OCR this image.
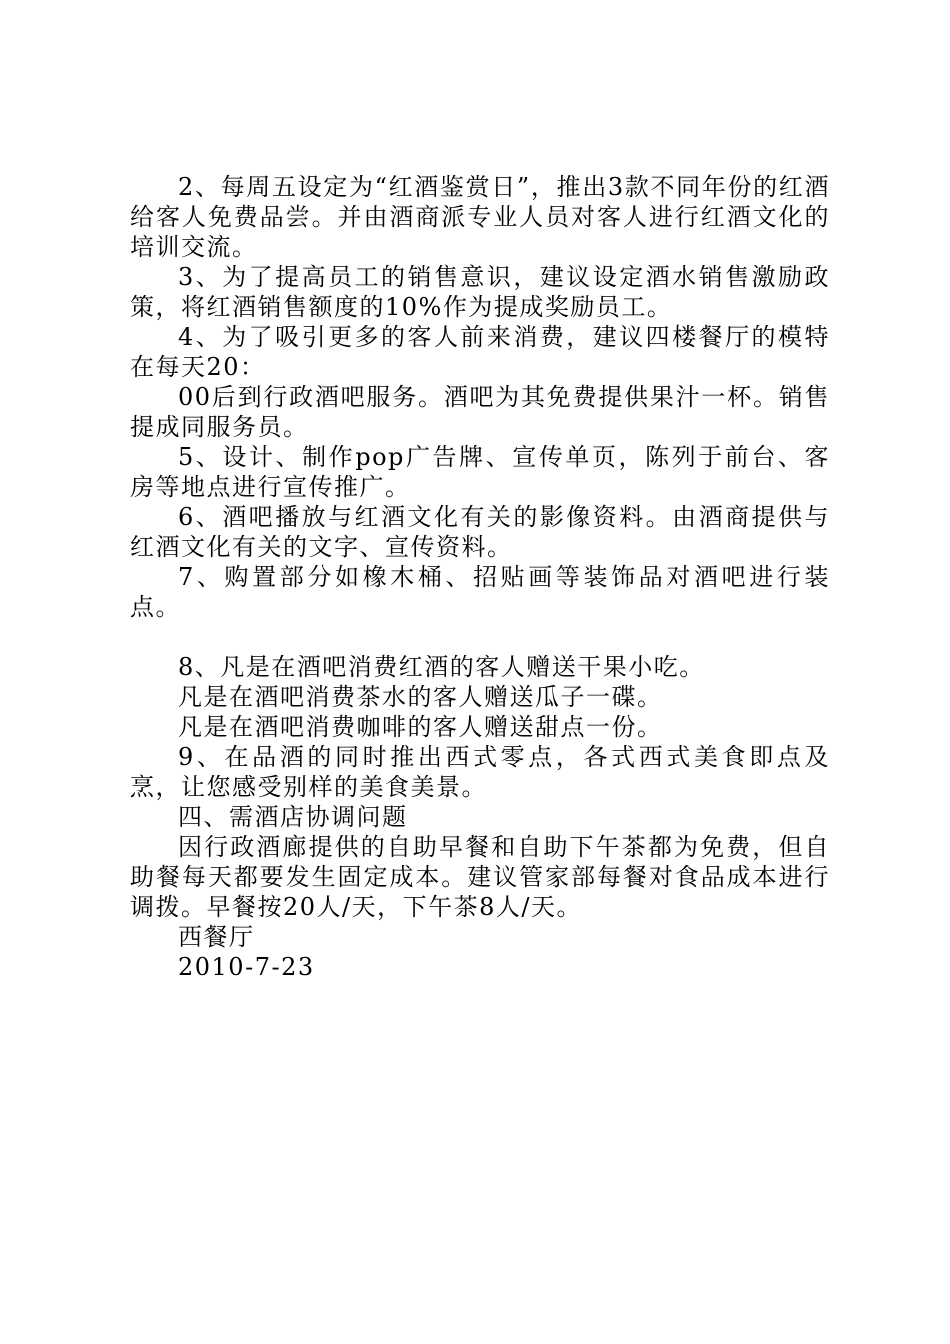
2、每周五设定为“红酒鉴赏日”，推出3款不同年份的红酒给客人免费品尝。并由酒商派专业人员对客人进行红酒文化的培训交流。

3、为了提高员工的销售意识，建议设定酒水销售激励政策，将红酒销售额度的10%作为提成奖励员工。

4、为了吸引更多的客人前来消费，建议四楼餐厅的模特在每天20：

00后到行政酒吧服务。酒吧为其免费提供果汁一杯。销售提成同服务员。

5、设计、制作pop广告牌、宣传单页，陈列于前台、客房等地点进行宣传推广。

6、酒吧播放与红酒文化有关的影像资料。由酒商提供与红酒文化有关的文字、宣传资料。

7、购置部分如橡木桶、招贴画等装饰品对酒吧进行装点。

8、凡是在酒吧消费红酒的客人赠送干果小吃。

凡是在酒吧消费茶水的客人赠送瓜子一碟。

凡是在酒吧消费咖啡的客人赠送甜点一份。

9、在品酒的同时推出西式零点，各式西式美食即点及烹，让您感受别样的美食美景。

四、需酒店协调问题

因行政酒廊提供的自助早餐和自助下午茶都为免费，但自助餐每天都要发生固定成本。建议管家部每餐对食品成本进行调拨。早餐按20人/天，下午茶8人/天。

西餐厅

2010-7-23
